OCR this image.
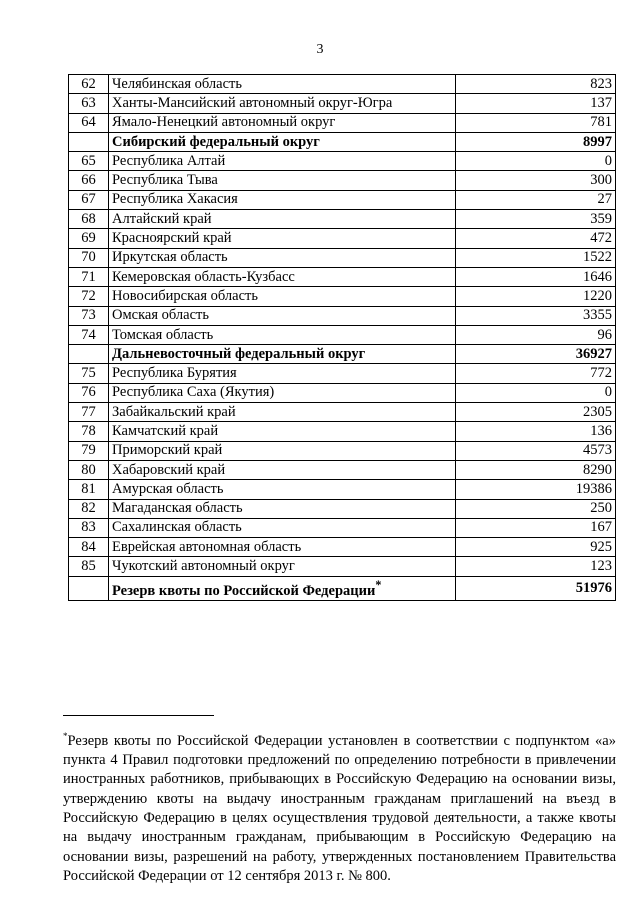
3
62	Челябинская область	823
63	Ханты-Мансийский автономный округ-Югра	137
64	Ямало-Ненецкий автономный округ	781
	Сибирский федеральный округ	8997
65	Республика Алтай	0
66	Республика Тыва	300
67	Республика Хакасия	27
68	Алтайский край	359
69	Красноярский край	472
70	Иркутская область	1522
71	Кемеровская область-Кузбасс	1646
72	Новосибирская область	1220
73	Омская область	3355
74	Томская область	96
	Дальневосточный федеральный округ	36927
75	Республика Бурятия	772
76	Республика Саха (Якутия)	0
77	Забайкальский край	2305
78	Камчатский край	136
79	Приморский край	4573
80	Хабаровский край	8290
81	Амурская область	19386
82	Магаданская область	250
83	Сахалинская область	167
84	Еврейская автономная область	925
85	Чукотский автономный округ	123
	Резерв квоты по Российской Федерации*	51976
*Резерв квоты по Российской Федерации установлен в соответствии с подпунктом «а» пункта 4 Правил подготовки предложений по определению потребности в привлечении иностранных работников, прибывающих в Российскую Федерацию на основании визы, утверждению квоты на выдачу иностранным гражданам приглашений на въезд в Российскую Федерацию в целях осуществления трудовой деятельности, а также квоты на выдачу иностранным гражданам, прибывающим в Российскую Федерацию на основании визы, разрешений на работу, утвержденных постановлением Правительства Российской Федерации от 12 сентября 2013 г. № 800.
